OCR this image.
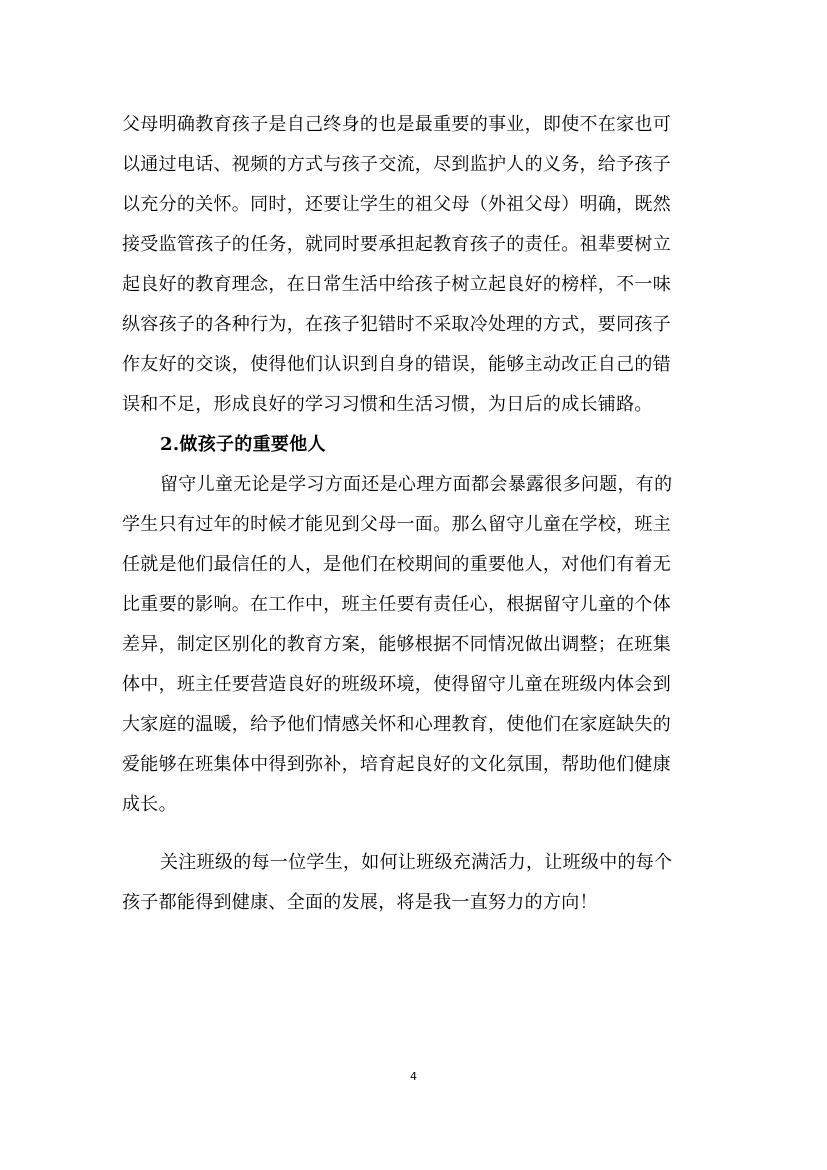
父母明确教育孩子是自己终身的也是最重要的事业，即使不在家也可
以通过电话、视频的方式与孩子交流，尽到监护人的义务，给予孩子
以充分的关怀。同时，还要让学生的祖父母（外祖父母）明确，既然
接受监管孩子的任务，就同时要承担起教育孩子的责任。祖辈要树立
起良好的教育理念，在日常生活中给孩子树立起良好的榜样，不一味
纵容孩子的各种行为，在孩子犯错时不采取冷处理的方式，要同孩子
作友好的交谈，使得他们认识到自身的错误，能够主动改正自己的错
误和不足，形成良好的学习习惯和生活习惯，为日后的成长铺路。
2.做孩子的重要他人
留守儿童无论是学习方面还是心理方面都会暴露很多问题，有的
学生只有过年的时候才能见到父母一面。那么留守儿童在学校，班主
任就是他们最信任的人，是他们在校期间的重要他人，对他们有着无
比重要的影响。在工作中，班主任要有责任心，根据留守儿童的个体
差异，制定区别化的教育方案，能够根据不同情况做出调整；在班集
体中，班主任要营造良好的班级环境，使得留守儿童在班级内体会到
大家庭的温暖，给予他们情感关怀和心理教育，使他们在家庭缺失的
爱能够在班集体中得到弥补，培育起良好的文化氛围，帮助他们健康
成长。
关注班级的每一位学生，如何让班级充满活力，让班级中的每个
孩子都能得到健康、全面的发展，将是我一直努力的方向！
4
